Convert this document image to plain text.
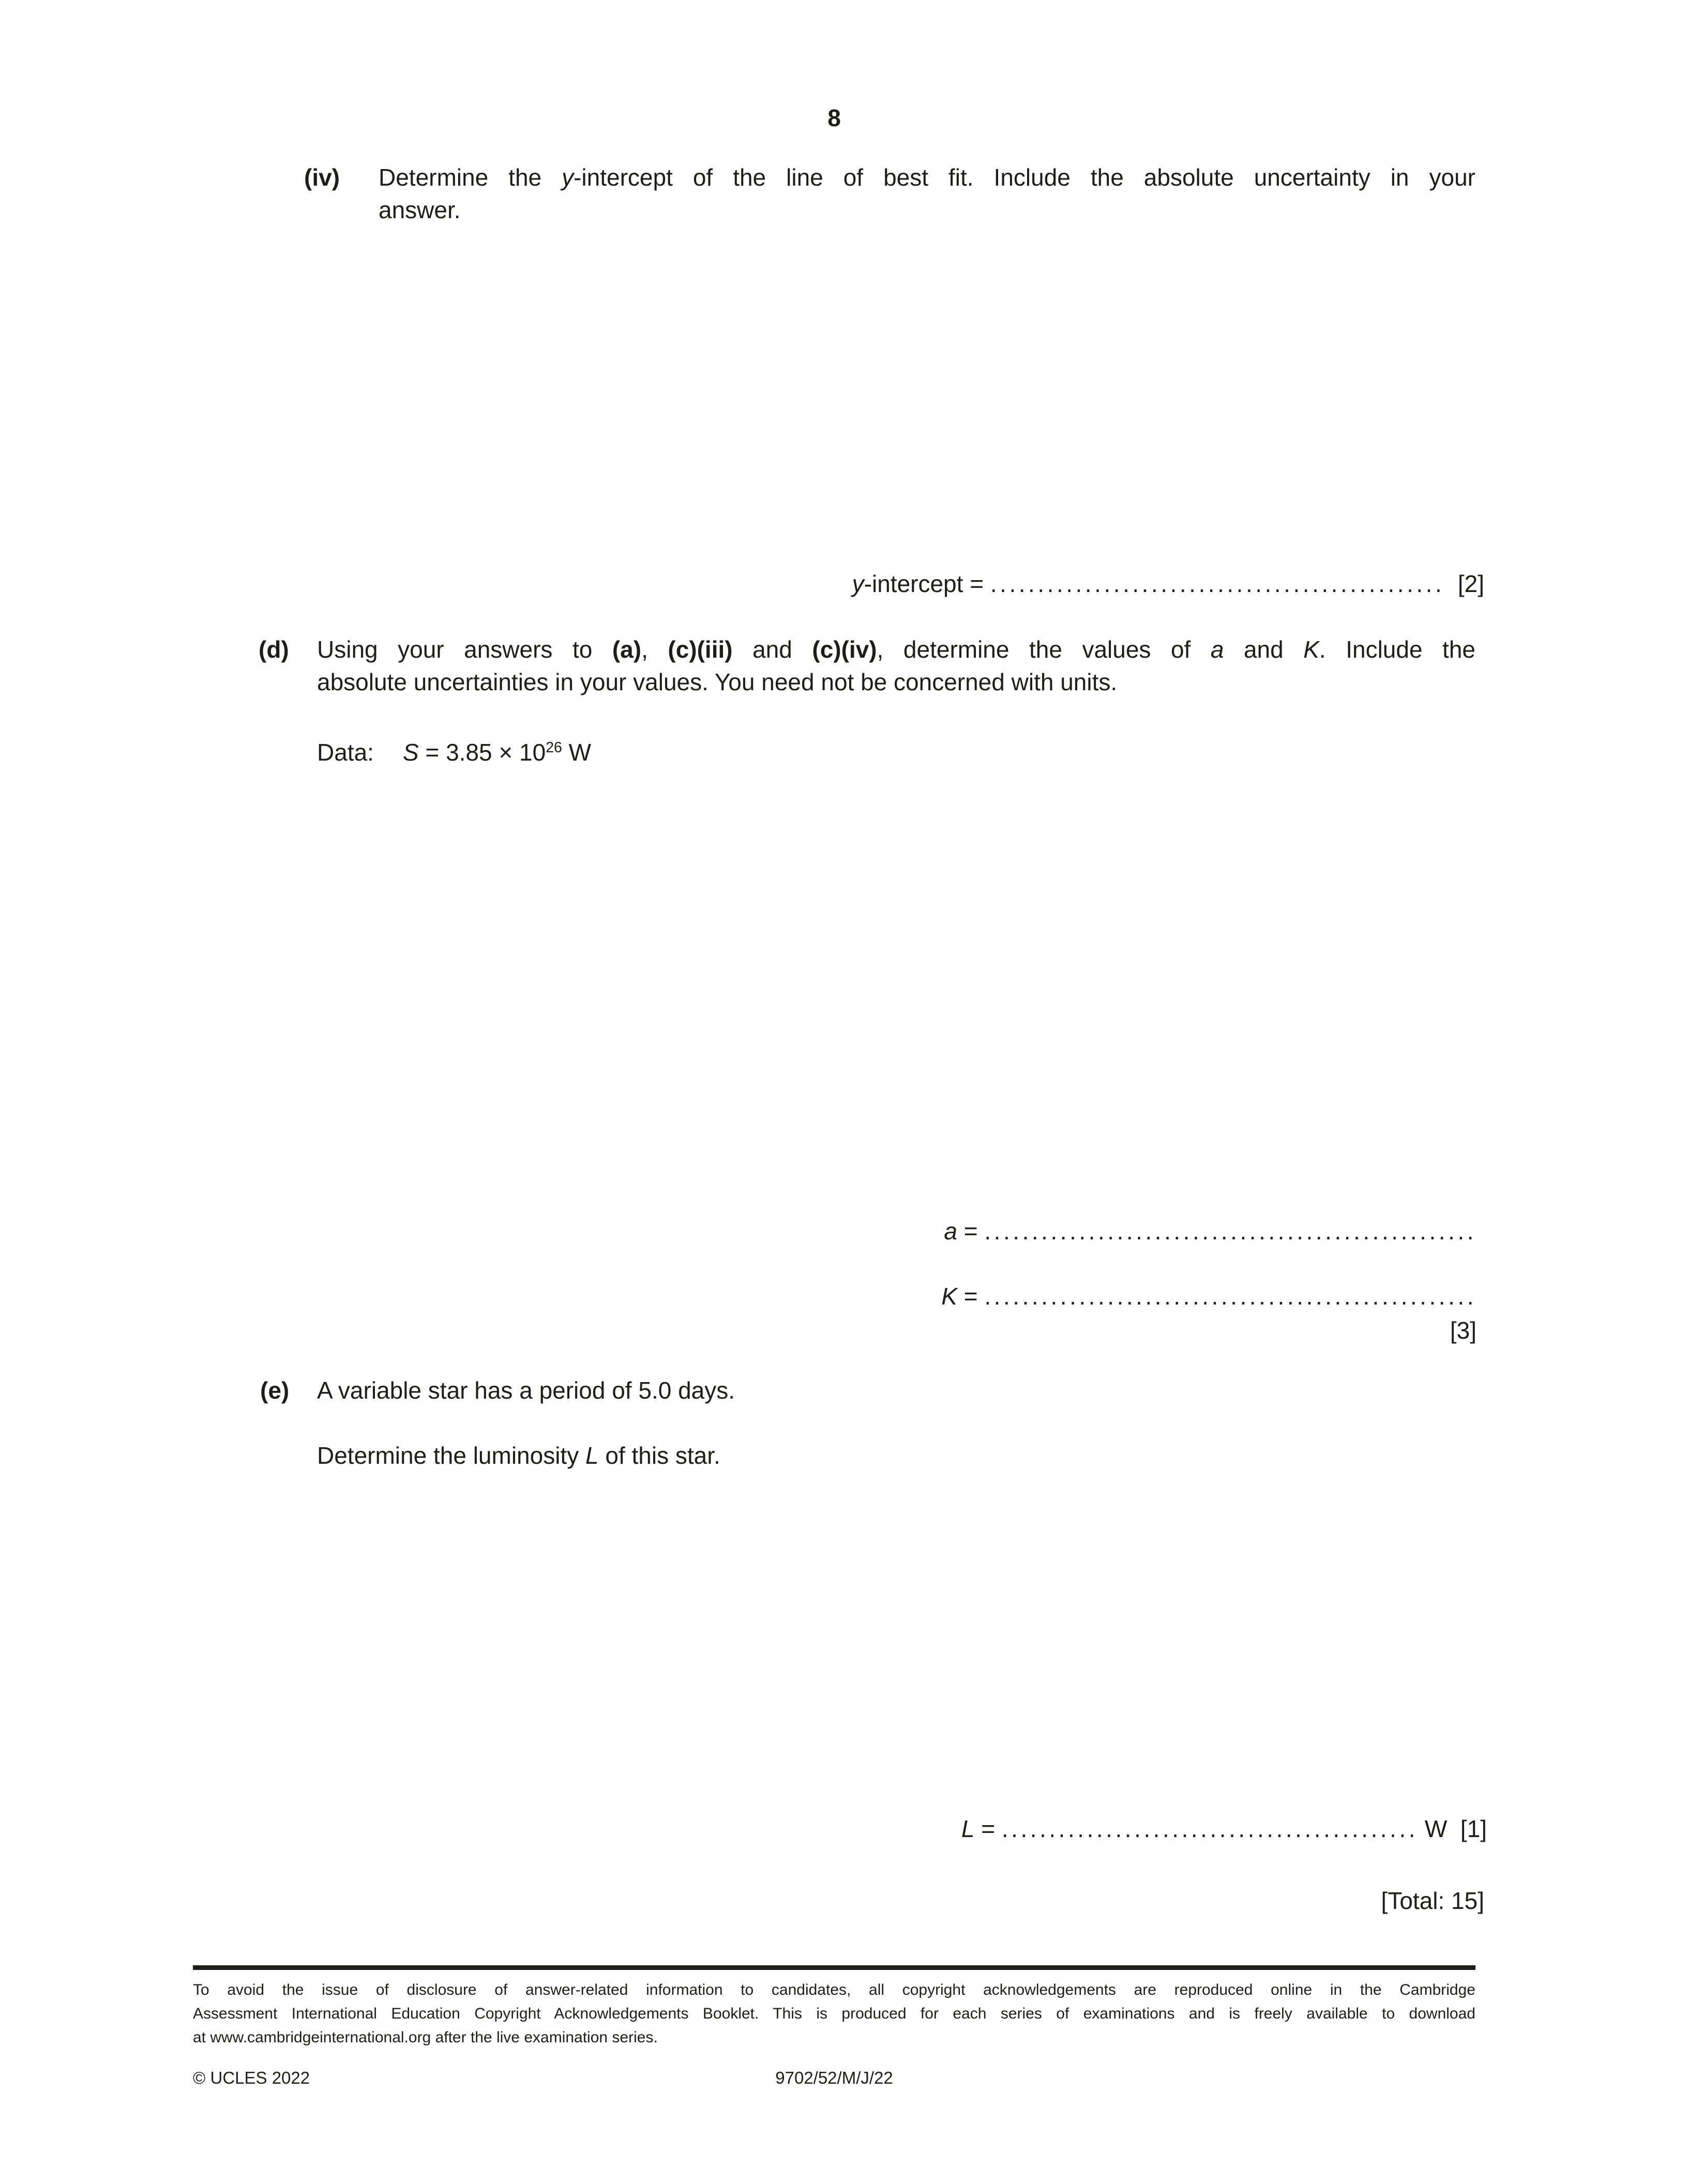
8
(iv) Determine the y-intercept of the line of best fit. Include the absolute uncertainty in your
answer.
y-intercept = ................................................  [2]
(d) Using your answers to (a), (c)(iii) and (c)(iv), determine the values of a and K. Include the
absolute uncertainties in your values. You need not be concerned with units.
Data: $S = 3.85 \times 10^{26}$ W
a = ....................................................
K = ....................................................
[3]
(e) A variable star has a period of 5.0 days.
Determine the luminosity L of this star.
L = ............................................ W  [1]
[Total: 15]
To avoid the issue of disclosure of answer-related information to candidates, all copyright acknowledgements are reproduced online in the Cambridge
Assessment International Education Copyright Acknowledgements Booklet. This is produced for each series of examinations and is freely available to download
at www.cambridgeinternational.org after the live examination series.
© UCLES 2022	9702/52/M/J/22
